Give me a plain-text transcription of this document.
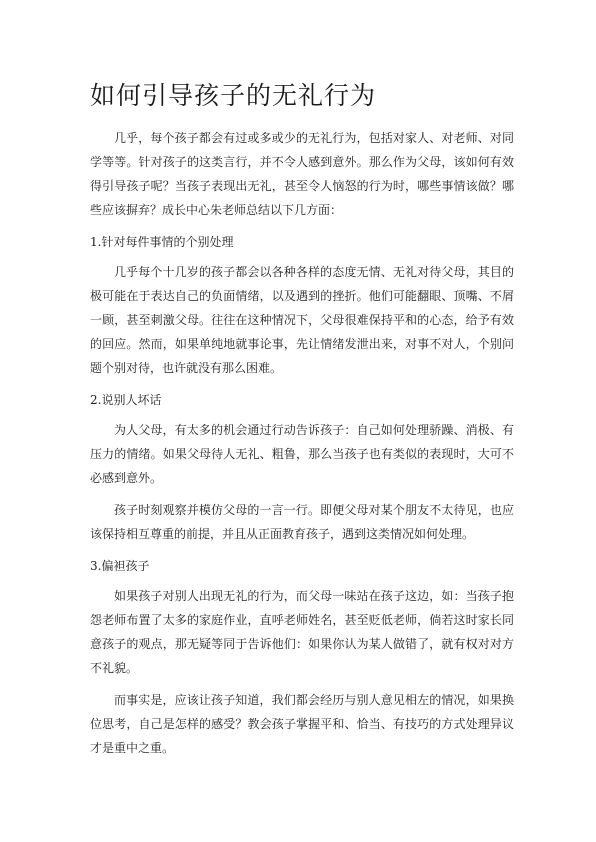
如何引导孩子的无礼行为

几乎，每个孩子都会有过或多或少的无礼行为，包括对家人、对老师、对同学等等。针对孩子的这类言行，并不令人感到意外。那么作为父母，该如何有效得引导孩子呢？当孩子表现出无礼，甚至令人恼怒的行为时，哪些事情该做？哪些应该摒弃？成长中心朱老师总结以下几方面：

1.针对每件事情的个别处理

几乎每个十几岁的孩子都会以各种各样的态度无情、无礼对待父母，其目的极可能在于表达自己的负面情绪，以及遇到的挫折。他们可能翻眼、顶嘴、不屑一顾，甚至刺激父母。往往在这种情况下，父母很难保持平和的心态，给予有效的回应。然而，如果单纯地就事论事，先让情绪发泄出来，对事不对人，个别问题个别对待，也许就没有那么困难。

2.说别人坏话

为人父母，有太多的机会通过行动告诉孩子：自己如何处理骄躁、消极、有压力的情绪。如果父母待人无礼、粗鲁，那么当孩子也有类似的表现时，大可不必感到意外。

孩子时刻观察并模仿父母的一言一行。即便父母对某个朋友不太待见，也应该保持相互尊重的前提，并且从正面教育孩子，遇到这类情况如何处理。

3.偏袒孩子

如果孩子对别人出现无礼的行为，而父母一味站在孩子这边，如：当孩子抱怨老师布置了太多的家庭作业，直呼老师姓名，甚至贬低老师，倘若这时家长同意孩子的观点，那无疑等同于告诉他们：如果你认为某人做错了，就有权对对方不礼貌。

而事实是，应该让孩子知道，我们都会经历与别人意见相左的情况，如果换位思考，自己是怎样的感受？教会孩子掌握平和、恰当、有技巧的方式处理异议才是重中之重。
